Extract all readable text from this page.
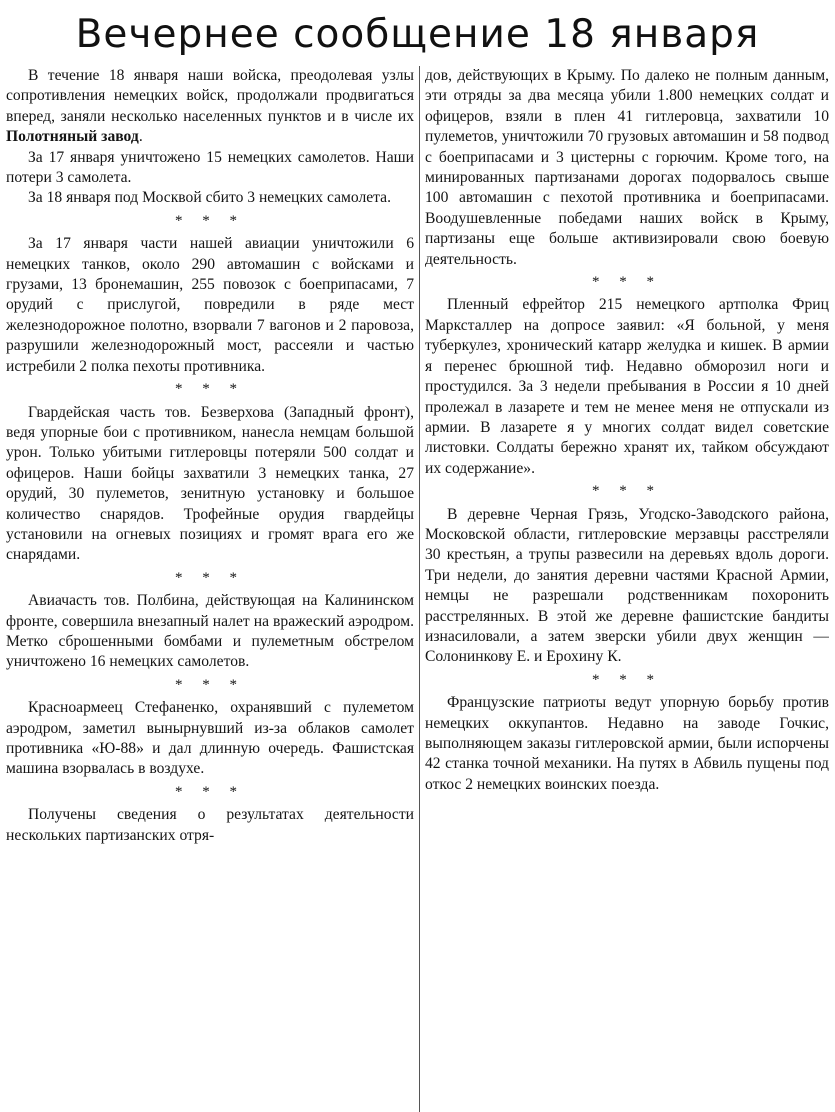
Вечернее сообщение 18 января

В течение 18 января наши войска, преодолевая узлы сопротивления немецких войск, продолжали продвигаться вперед, заняли несколько населенных пунктов и в числе их Полотняный завод.

За 17 января уничтожено 15 немецких самолетов. Наши потери 3 самолета.

За 18 января под Москвой сбито 3 немецких самолета.

* * *

За 17 января части нашей авиации уничтожили 6 немецких танков, около 290 автомашин с войсками и грузами, 13 бронемашин, 255 повозок с боеприпасами, 7 орудий с прислугой, повредили в ряде мест железнодорожное полотно, взорвали 7 вагонов и 2 паровоза, разрушили железнодорожный мост, рассеяли и частью истребили 2 полка пехоты противника.

* * *

Гвардейская часть тов. Безверхова (Западный фронт), ведя упорные бои с противником, нанесла немцам большой урон. Только убитыми гитлеровцы потеряли 500 солдат и офицеров. Наши бойцы захватили 3 немецких танка, 27 орудий, 30 пулеметов, зенитную установку и большое количество снарядов. Трофейные орудия гвардейцы установили на огневых позициях и громят врага его же снарядами.

* * *

Авиачасть тов. Полбина, действующая на Калининском фронте, совершила внезапный налет на вражеский аэродром. Метко сброшенными бомбами и пулеметным обстрелом уничтожено 16 немецких самолетов.

* * *

Красноармеец Стефаненко, охранявший с пулеметом аэродром, заметил вынырнувший из-за облаков самолет противника «Ю-88» и дал длинную очередь. Фашистская машина взорвалась в воздухе.

* * *

Получены сведения о результатах деятельности нескольких партизанских отря-

дов, действующих в Крыму. По далеко не полным данным, эти отряды за два месяца убили 1.800 немецких солдат и офицеров, взяли в плен 41 гитлеровца, захватили 10 пулеметов, уничтожили 70 грузовых автомашин и 58 подвод с боеприпасами и 3 цистерны с горючим. Кроме того, на минированных партизанами дорогах подорвалось свыше 100 автомашин с пехотой противника и боеприпасами. Воодушевленные победами наших войск в Крыму, партизаны еще больше активизировали свою боевую деятельность.

* * *

Пленный ефрейтор 215 немецкого артполка Фриц Марксталлер на допросе заявил: «Я больной, у меня туберкулез, хронический катарр желудка и кишек. В армии я перенес брюшной тиф. Недавно обморозил ноги и простудился. За 3 недели пребывания в России я 10 дней пролежал в лазарете и тем не менее меня не отпускали из армии. В лазарете я у многих солдат видел советские листовки. Солдаты бережно хранят их, тайком обсуждают их содержание».

* * *

В деревне Черная Грязь, Угодско-Заводского района, Московской области, гитлеровские мерзавцы расстреляли 30 крестьян, а трупы развесили на деревьях вдоль дороги. Три недели, до занятия деревни частями Красной Армии, немцы не разрешали родственникам похоронить расстрелянных. В этой же деревне фашистские бандиты изнасиловали, а затем зверски убили двух женщин — Солонинкову Е. и Ерохину К.

* * *

Французские патриоты ведут упорную борьбу против немецких оккупантов. Недавно на заводе Гочкис, выполняющем заказы гитлеровской армии, были испорчены 42 станка точной механики. На путях в Абвиль пущены под откос 2 немецких воинских поезда.
